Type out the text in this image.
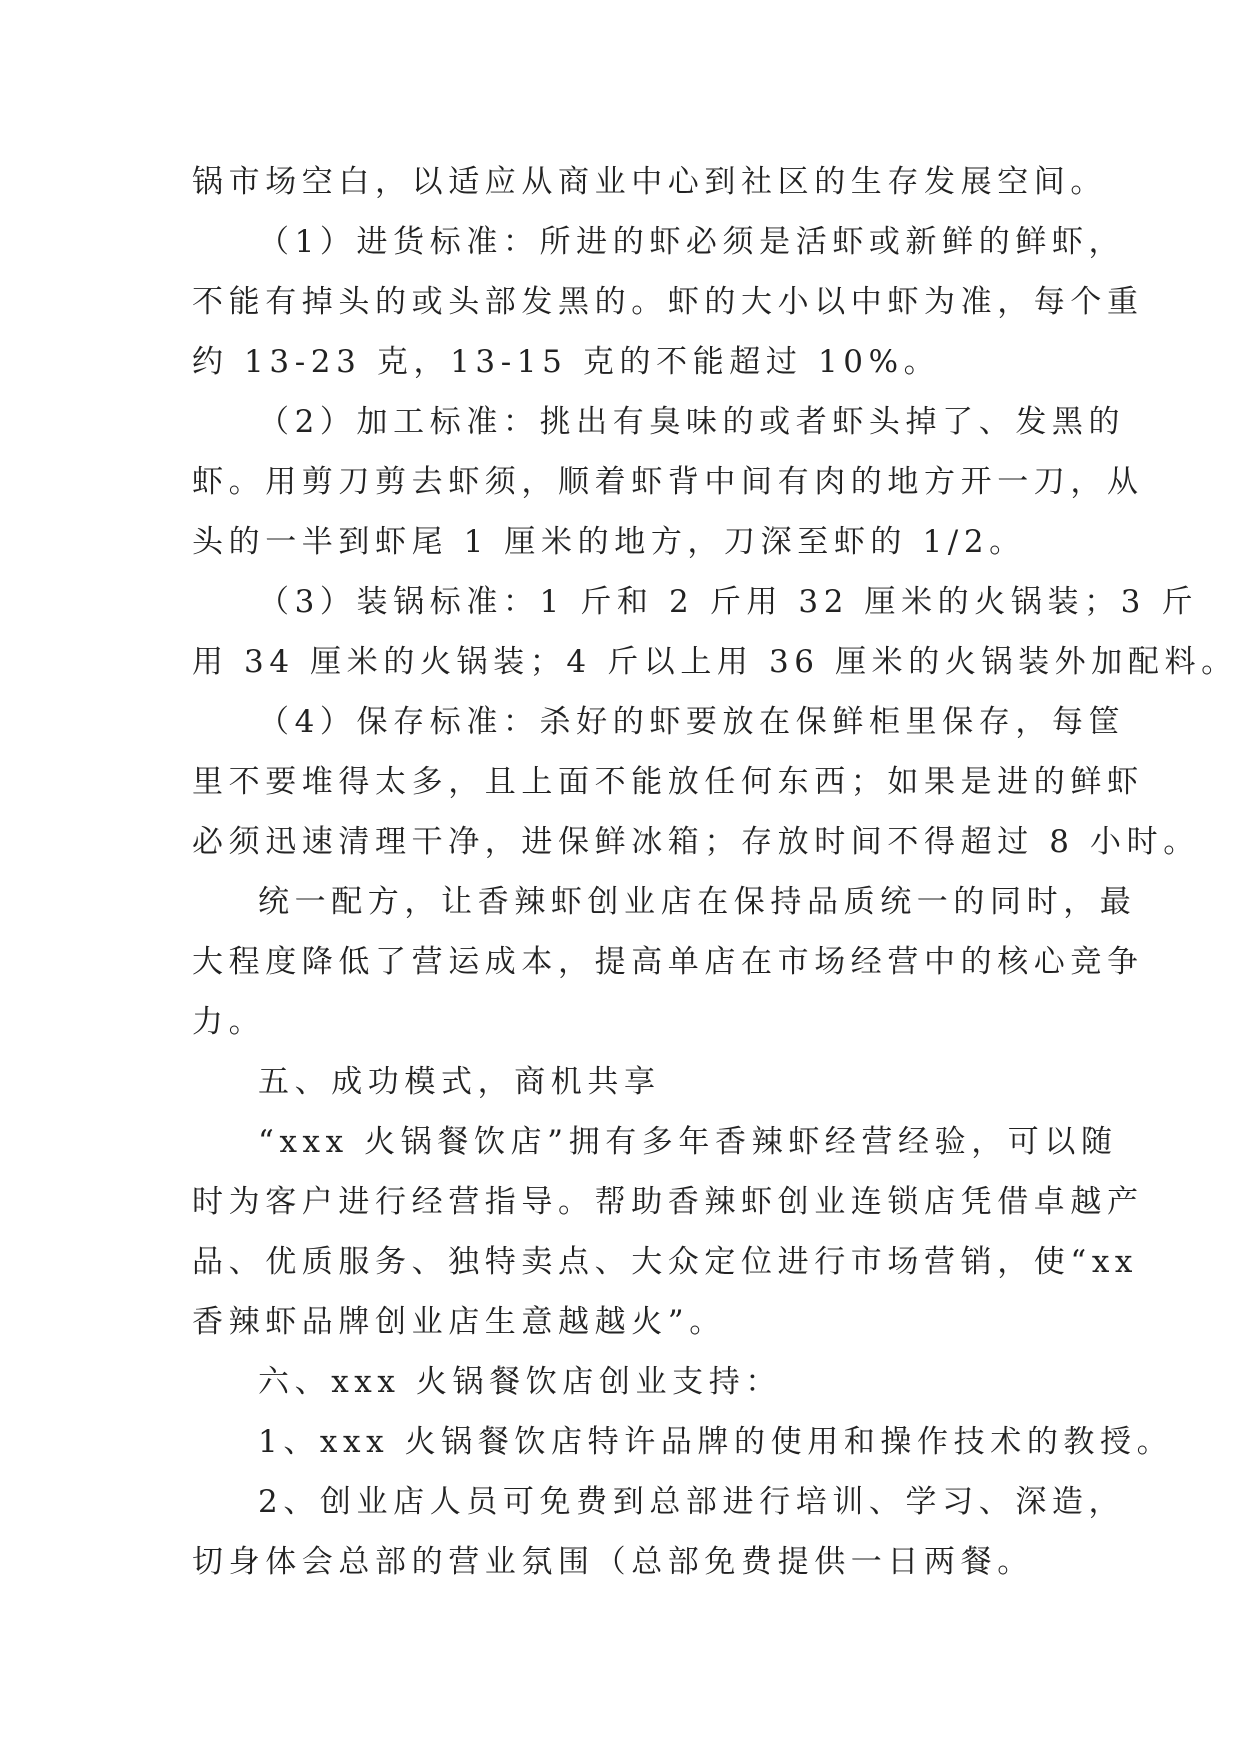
锅市场空白，以适应从商业中心到社区的生存发展空间。
（1）进货标准：所进的虾必须是活虾或新鲜的鲜虾，
不能有掉头的或头部发黑的。虾的大小以中虾为准，每个重
约 13-23 克，13-15 克的不能超过 10%。
（2）加工标准：挑出有臭味的或者虾头掉了、发黑的
虾。用剪刀剪去虾须，顺着虾背中间有肉的地方开一刀，从
头的一半到虾尾 1 厘米的地方，刀深至虾的 1/2。
（3）装锅标准：1 斤和 2 斤用 32 厘米的火锅装；3 斤
用 34 厘米的火锅装；4 斤以上用 36 厘米的火锅装外加配料。
（4）保存标准：杀好的虾要放在保鲜柜里保存，每筐
里不要堆得太多，且上面不能放任何东西；如果是进的鲜虾
必须迅速清理干净，进保鲜冰箱；存放时间不得超过 8 小时。
统一配方，让香辣虾创业店在保持品质统一的同时，最
大程度降低了营运成本，提高单店在市场经营中的核心竞争
力。
五、成功模式，商机共享
“xxx 火锅餐饮店”拥有多年香辣虾经营经验，可以随
时为客户进行经营指导。帮助香辣虾创业连锁店凭借卓越产
品、优质服务、独特卖点、大众定位进行市场营销，使“xx
香辣虾品牌创业店生意越越火”。
六、xxx 火锅餐饮店创业支持：
1、xxx 火锅餐饮店特许品牌的使用和操作技术的教授。
2、创业店人员可免费到总部进行培训、学习、深造，
切身体会总部的营业氛围（总部免费提供一日两餐。
